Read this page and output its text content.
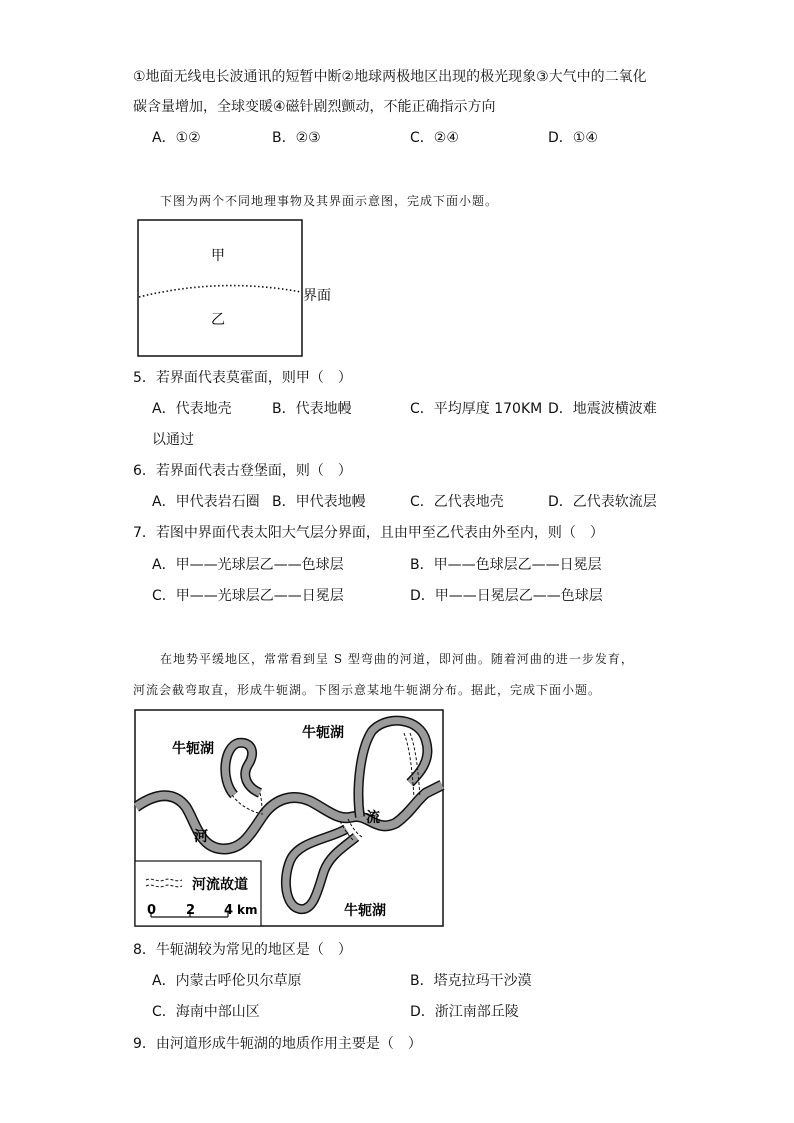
①地面无线电长波通讯的短暂中断②地球两极地区出现的极光现象③大气中的二氧化
碳含量增加，全球变暖④磁针剧烈颤动，不能正确指示方向
A．①②	B．②③	C．②④	D．①④
下图为两个不同地理事物及其界面示意图，完成下面小题。
甲
乙
界面
5．若界面代表莫霍面，则甲（　）
A．代表地壳	B．代表地幔	C．平均厚度 170KM D．地震波横波难
以通过
6．若界面代表古登堡面，则（　）
A．甲代表岩石圈 B．甲代表地幔	C．乙代表地壳	D．乙代表软流层
7．若图中界面代表太阳大气层分界面，且由甲至乙代表由外至内，则（　）
A．甲——光球层乙——色球层	B．甲——色球层乙——日冕层
C．甲——光球层乙——日冕层	D．甲——日冕层乙——色球层
在地势平缓地区，常常看到呈 S 型弯曲的河道，即河曲。随着河曲的进一步发育，
河流会截弯取直，形成牛轭湖。下图示意某地牛轭湖分布。据此，完成下面小题。
牛轭湖
牛轭湖
牛轭湖
河
流
河流故道
0 2 4 km
8．牛轭湖较为常见的地区是（　）
A．内蒙古呼伦贝尔草原	B．塔克拉玛干沙漠
C．海南中部山区	D．浙江南部丘陵
9．由河道形成牛轭湖的地质作用主要是（　）
